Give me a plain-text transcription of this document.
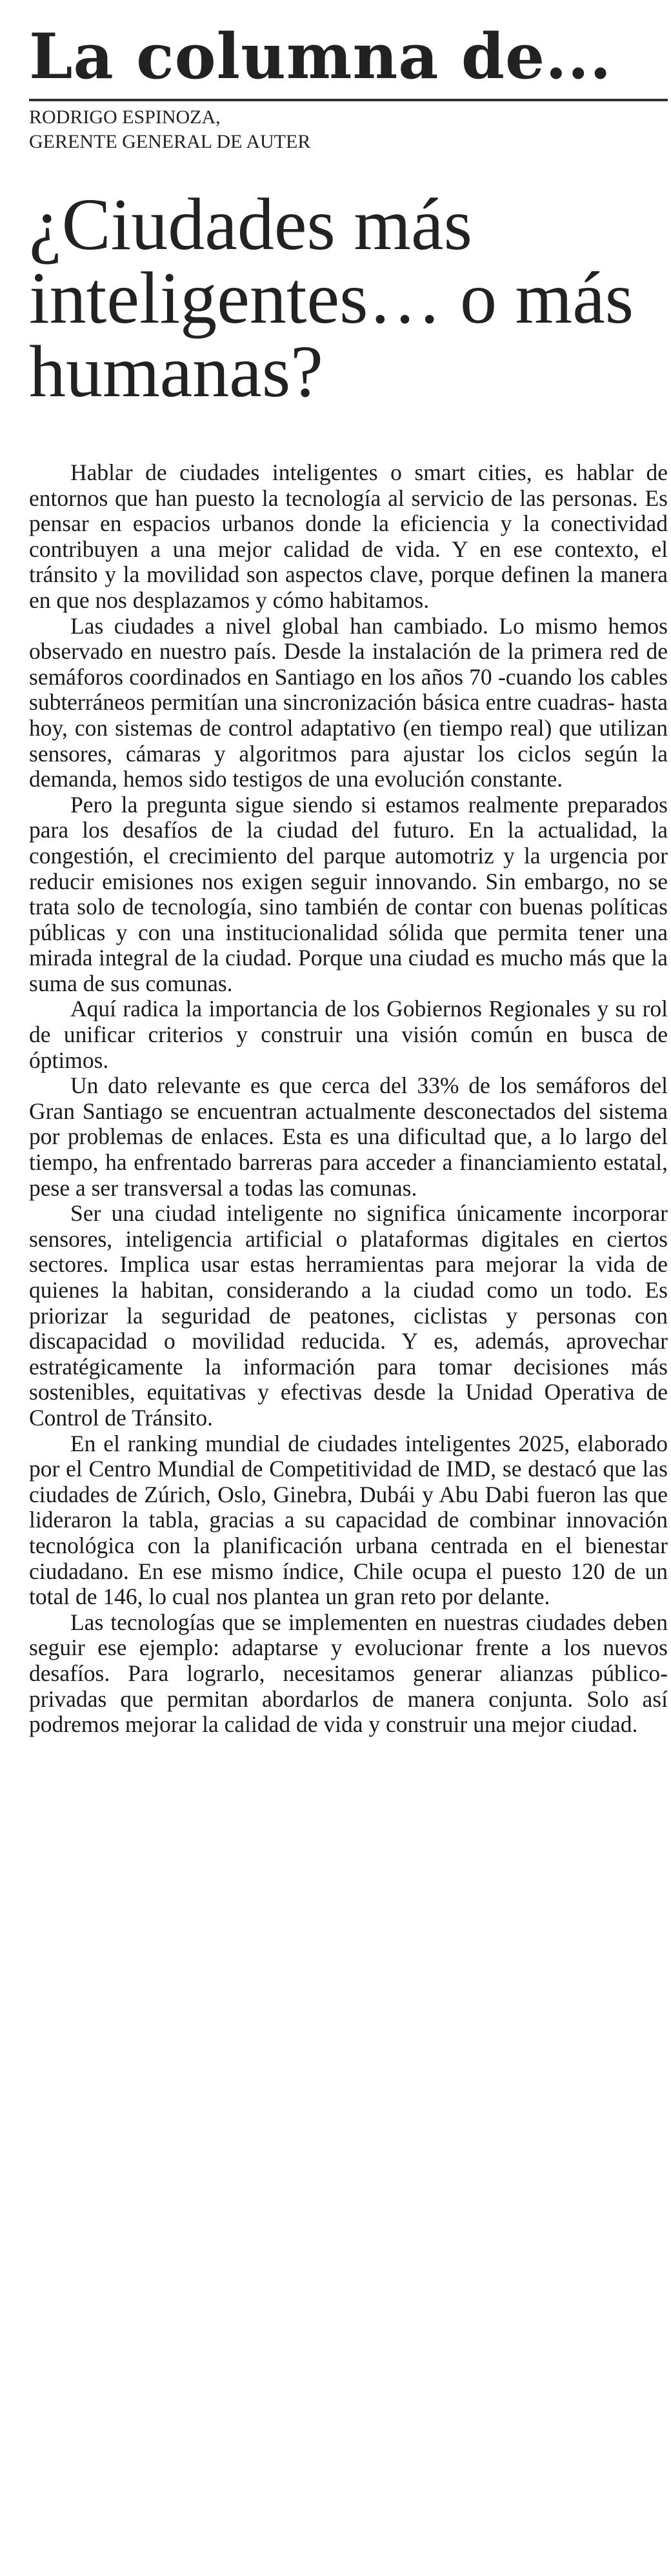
La columna de...
RODRIGO ESPINOZA,
GERENTE GENERAL DE AUTER
¿Ciudades más inteligentes… o más humanas?

Hablar de ciudades inteligentes o smart cities, es hablar de entornos que han puesto la tecnología al servicio de las personas. Es pensar en espacios urbanos donde la eficiencia y la conectividad contribuyen a una mejor calidad de vida. Y en ese contexto, el tránsito y la movilidad son aspectos clave, porque definen la manera en que nos desplazamos y cómo habitamos.

Las ciudades a nivel global han cambiado. Lo mismo hemos observado en nuestro país. Desde la instalación de la primera red de semáforos coordinados en Santiago en los años 70 -cuando los cables subterráneos permitían una sincronización básica entre cuadras- hasta hoy, con sistemas de control adaptativo (en tiempo real) que utilizan sensores, cámaras y algoritmos para ajustar los ciclos según la demanda, hemos sido testigos de una evolución constante.

Pero la pregunta sigue siendo si estamos realmente preparados para los desafíos de la ciudad del futuro. En la actualidad, la congestión, el crecimiento del parque automotriz y la urgencia por reducir emisiones nos exigen seguir innovando. Sin embargo, no se trata solo de tecnología, sino también de contar con buenas políticas públicas y con una institucionalidad sólida que permita tener una mirada integral de la ciudad. Porque una ciudad es mucho más que la suma de sus comunas.

Aquí radica la importancia de los Gobiernos Regionales y su rol de unificar criterios y construir una visión común en busca de óptimos.

Un dato relevante es que cerca del 33% de los semáforos del Gran Santiago se encuentran actualmente desconectados del sistema por problemas de enlaces. Esta es una dificultad que, a lo largo del tiempo, ha enfrentado barreras para acceder a financiamiento estatal, pese a ser transversal a todas las comunas.

Ser una ciudad inteligente no significa únicamente incorporar sensores, inteligencia artificial o plataformas digitales en ciertos sectores. Implica usar estas herramientas para mejorar la vida de quienes la habitan, considerando a la ciudad como un todo. Es priorizar la seguridad de peatones, ciclistas y personas con discapacidad o movilidad reducida. Y es, además, aprovechar estratégicamente la información para tomar decisiones más sostenibles, equitativas y efectivas desde la Unidad Operativa de Control de Tránsito.

En el ranking mundial de ciudades inteligentes 2025, elaborado por el Centro Mundial de Competitividad de IMD, se destacó que las ciudades de Zúrich, Oslo, Ginebra, Dubái y Abu Dabi fueron las que lideraron la tabla, gracias a su capacidad de combinar innovación tecnológica con la planificación urbana centrada en el bienestar ciudadano. En ese mismo índice, Chile ocupa el puesto 120 de un total de 146, lo cual nos plantea un gran reto por delante.

Las tecnologías que se implementen en nuestras ciudades deben seguir ese ejemplo: adaptarse y evolucionar frente a los nuevos desafíos. Para lograrlo, necesitamos generar alianzas público-privadas que permitan abordarlos de manera conjunta. Solo así podremos mejorar la calidad de vida y construir una mejor ciudad.
